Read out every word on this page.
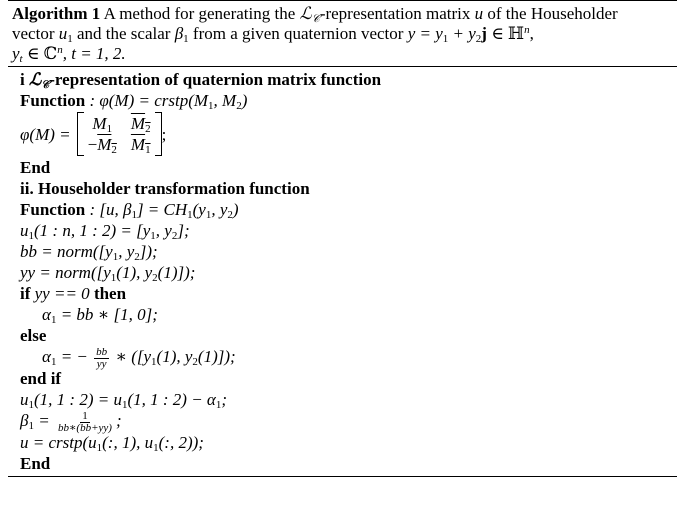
Algorithm 1 A method for generating the ℒ$_𝒞$-representation matrix u of the Householder
vector $u_1$ and the scalar $\beta_1$ from a given quaternion vector $y = y_1 + y_2j$ ∈ ℍ$^n$,
$y_t$ ∈ ℂ$^n$, t = 1, 2.
i ℒ$_𝒞$-representation of quaternion matrix function
Function : $\varphi(M) = crstp(M_1$, $M_2$)
φ(M) =
$M_1$ $M_2$
$-M_2$ $M_1$
;
End
ii. Householder transformation function
Function : [u, $\beta_1] = CH_1(y_1$, $y_2$)
$u_1(1$ : n, 1 : $2) = [y_1$, $y_2$];
bb = $norm([y_1$, $y_2$]);
yy = $norm([y_1(1)$, $y_2(1)$]);
if yy == 0 then
$\alpha_1$ = bb ∗ [1, 0];
else
$\alpha_1$ = − $\frac{bb}{yy}$ ∗ ([$y_1(1)$, $y_2(1)$]);
end if
$u_1(1$, 1 : $2) = u_1(1$, 1 : $2) - \alpha_1$;
$\beta_1 = \frac{1}{bb∗(bb+yy)}$ ;
$u = crstp(u_1$(:, 1), $u_1$(:, 2));
End
